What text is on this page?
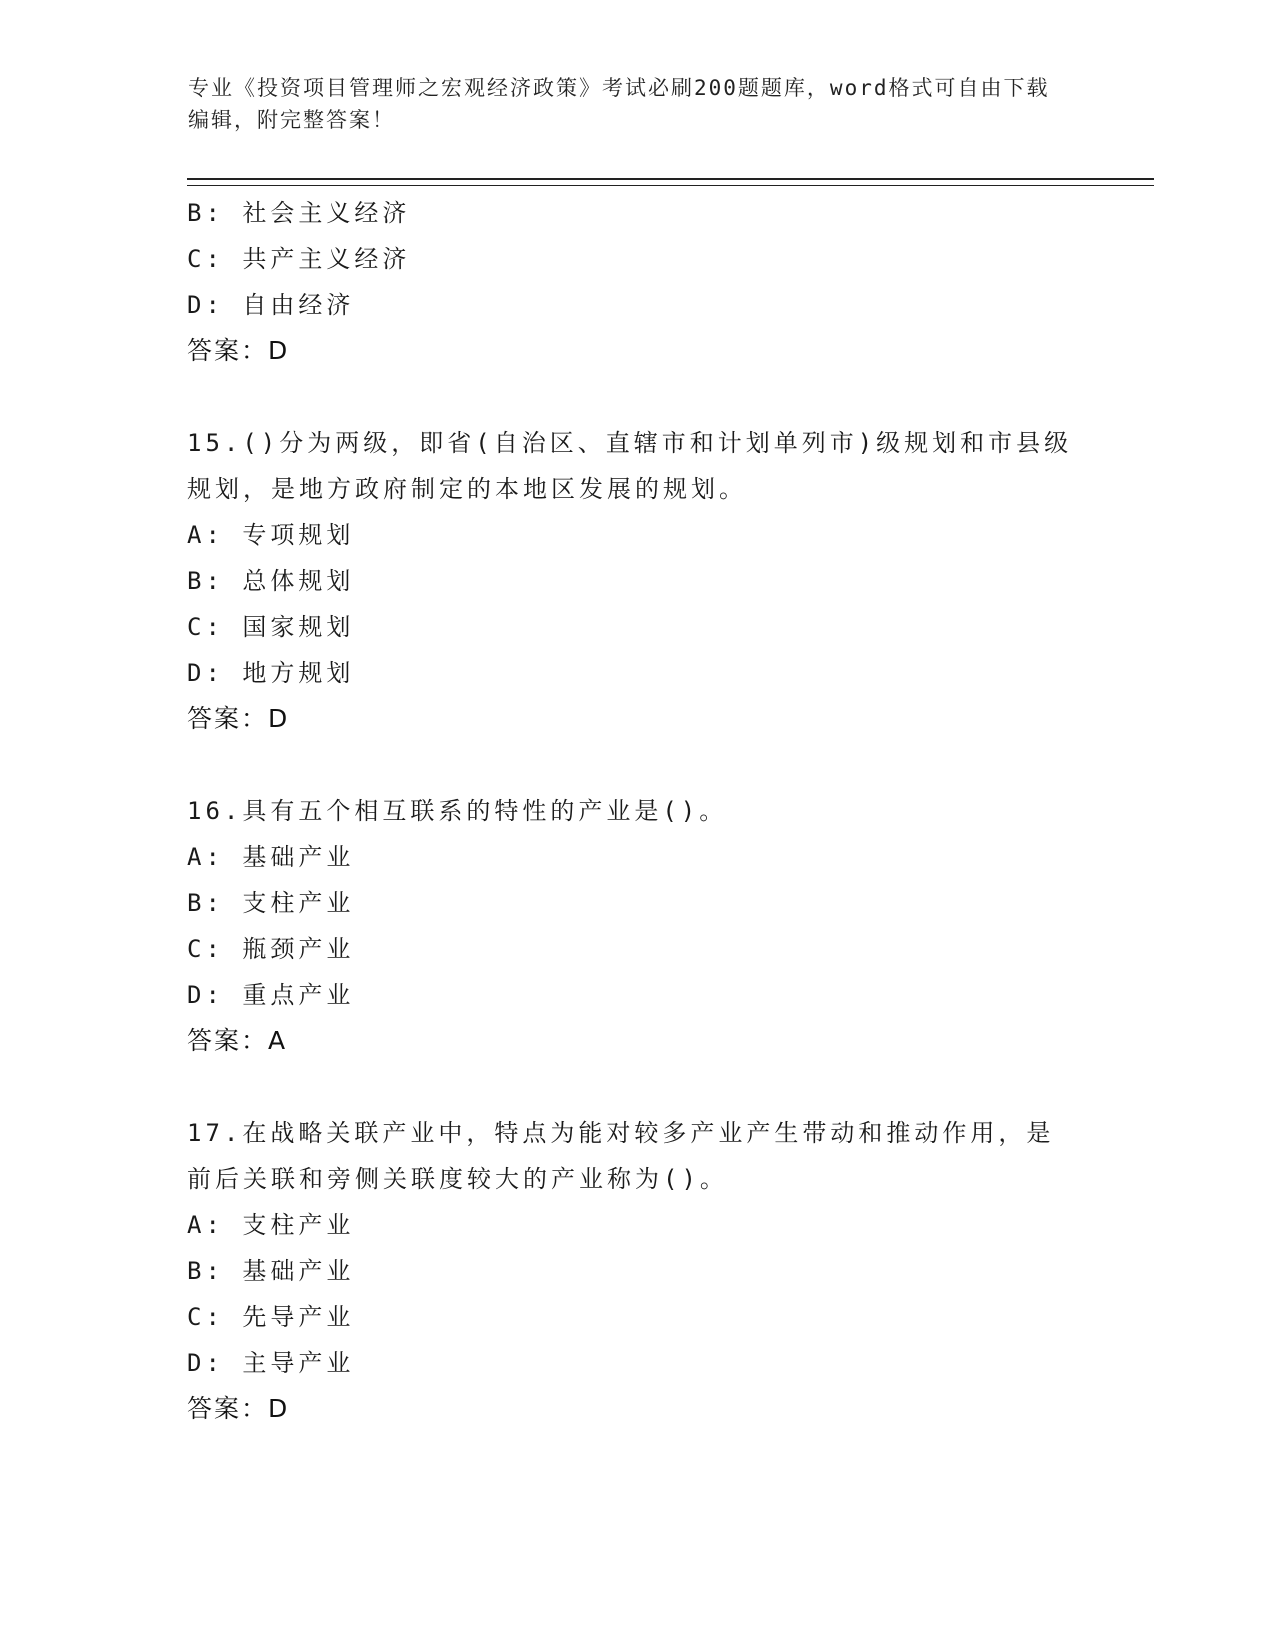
专业《投资项目管理师之宏观经济政策》考试必刷200题题库，word格式可自由下载编辑，附完整答案！
B: 社会主义经济
C: 共产主义经济
D: 自由经济
答案：D
15.()分为两级，即省(自治区、直辖市和计划单列市)级规划和市县级
规划，是地方政府制定的本地区发展的规划。
A: 专项规划
B: 总体规划
C: 国家规划
D: 地方规划
答案：D
16.具有五个相互联系的特性的产业是()。
A: 基础产业
B: 支柱产业
C: 瓶颈产业
D: 重点产业
答案：A
17.在战略关联产业中，特点为能对较多产业产生带动和推动作用，是
前后关联和旁侧关联度较大的产业称为()。
A: 支柱产业
B: 基础产业
C: 先导产业
D: 主导产业
答案：D
